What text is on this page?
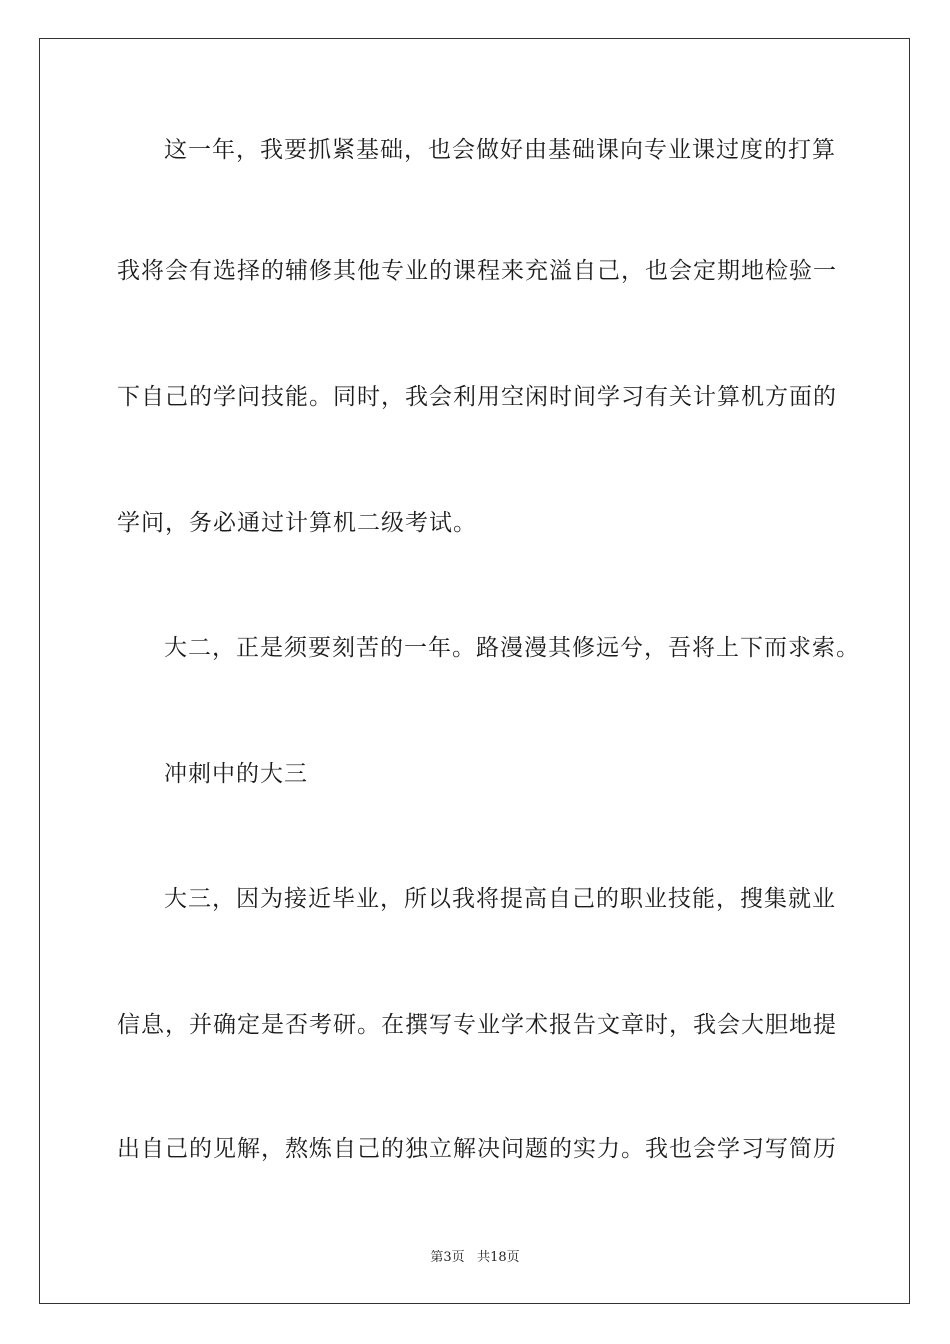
这一年，我要抓紧基础，也会做好由基础课向专业课过度的打算
我将会有选择的辅修其他专业的课程来充溢自己，也会定期地检验一
下自己的学问技能。同时，我会利用空闲时间学习有关计算机方面的
学问，务必通过计算机二级考试。
大二，正是须要刻苦的一年。路漫漫其修远兮，吾将上下而求索。
冲刺中的大三
大三，因为接近毕业，所以我将提高自己的职业技能，搜集就业
信息，并确定是否考研。在撰写专业学术报告文章时，我会大胆地提
出自己的见解，熬炼自己的独立解决问题的实力。我也会学习写简历
第3页 共18页
